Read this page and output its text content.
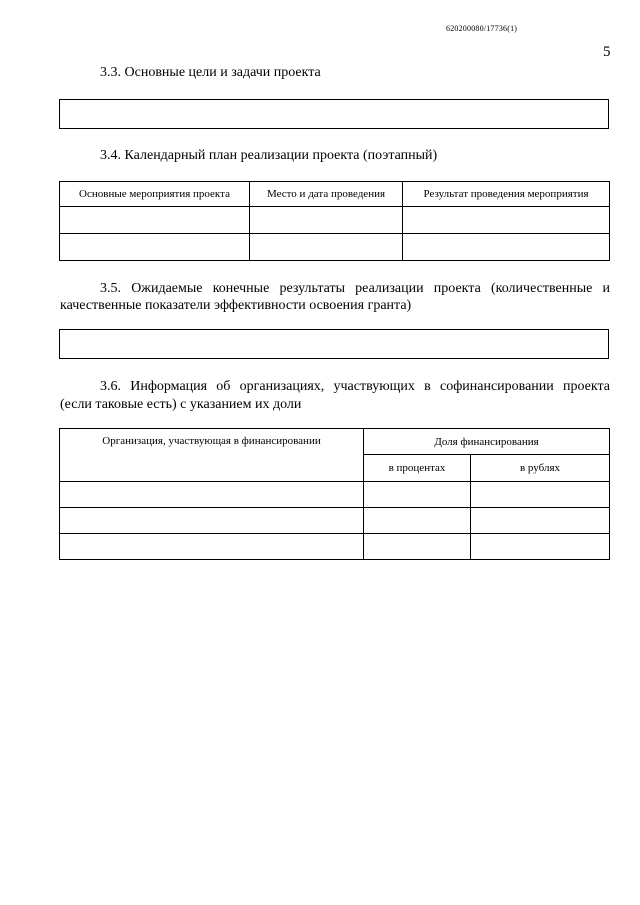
620200080/17736(1)
5
3.3. Основные цели и задачи проекта
3.4. Календарный план реализации проекта (поэтапный)
Основные мероприятия проекта	Место и дата проведения	Результат проведения мероприятия

3.5. Ожидаемые конечные результаты реализации проекта (количественные и
качественные показатели эффективности освоения гранта)
3.6. Информация об организациях, участвующих в софинансировании проекта
(если таковые есть) с указанием их доли
Организация, участвующая в финансировании	Доля финансирования	
	в процентах	в рублях
